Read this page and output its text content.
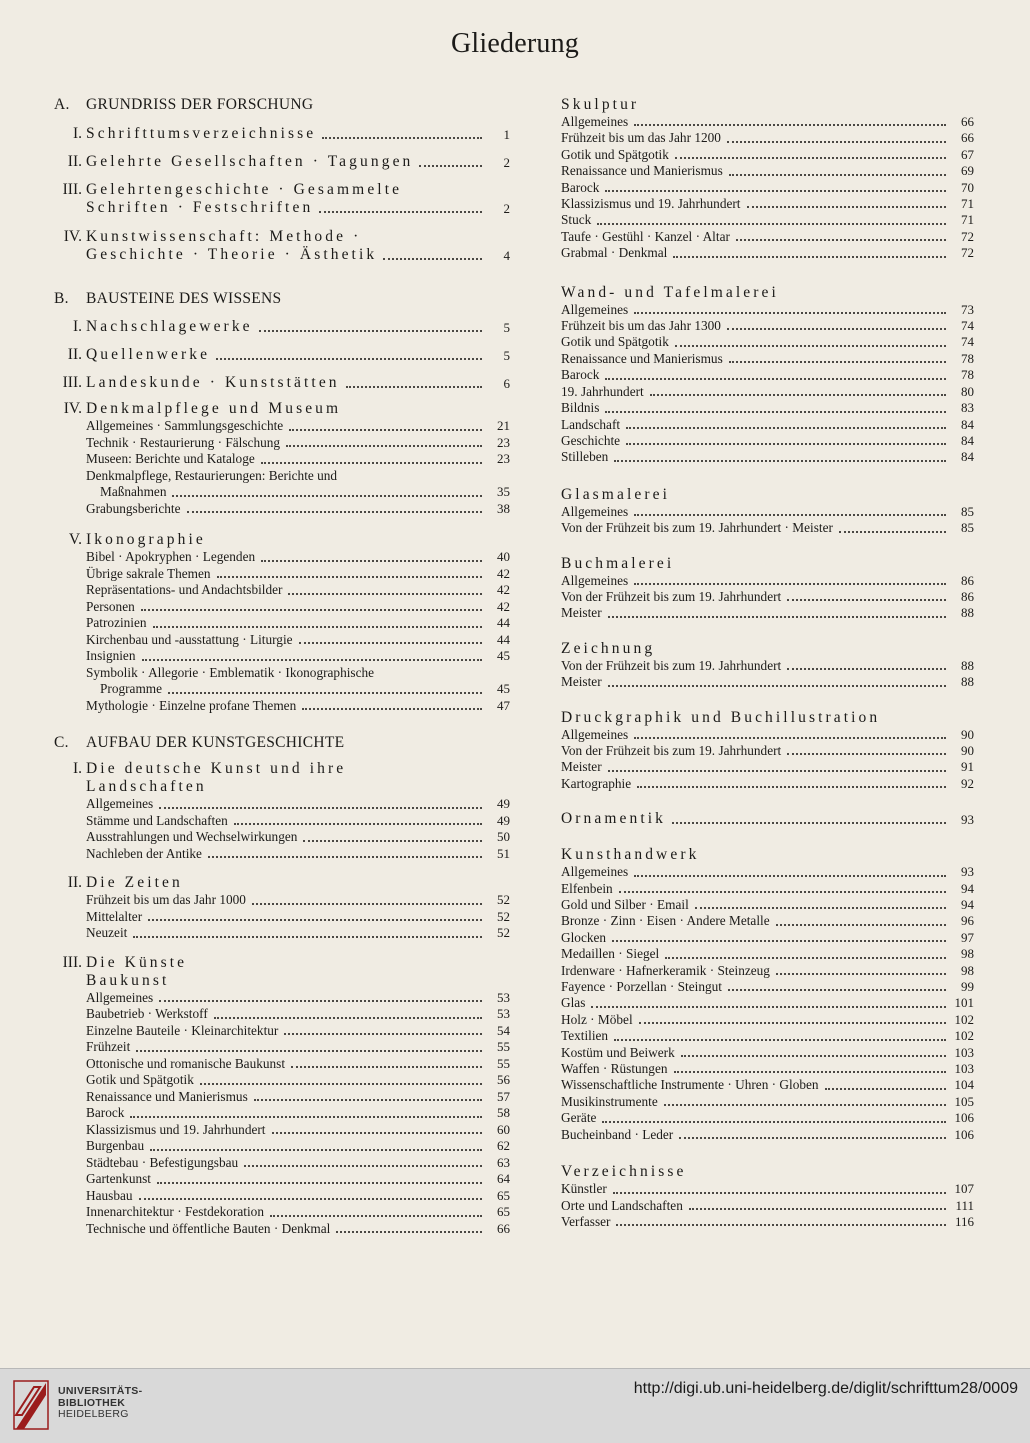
Gliederung
A.	GRUNDRISS DER FORSCHUNG
I. Schrifttumsverzeichnisse	1
II. Gelehrte Gesellschaften · Tagungen	2
III. Gelehrtengeschichte · Gesammelte
Schriften · Festschriften	2
IV. Kunstwissenschaft: Methode ·
Geschichte · Theorie · Ästhetik	4
B.	BAUSTEINE DES WISSENS
I. Nachschlagewerke	5
II. Quellenwerke	5
III. Landeskunde · Kunststätten	6
IV. Denkmalpflege und Museum
Allgemeines · Sammlungsgeschichte	21
Technik · Restaurierung · Fälschung	23
Museen: Berichte und Kataloge	23
Denkmalpflege, Restaurierungen: Berichte und
Maßnahmen	35
Grabungsberichte	38
V. Ikonographie
Bibel · Apokryphen · Legenden	40
Übrige sakrale Themen	42
Repräsentations- und Andachtsbilder	42
Personen	42
Patrozinien	44
Kirchenbau und -ausstattung · Liturgie	44
Insignien	45
Symbolik · Allegorie · Emblematik · Ikonographische
Programme	45
Mythologie · Einzelne profane Themen	47
C.	AUFBAU DER KUNSTGESCHICHTE
I. Die deutsche Kunst und ihre
Landschaften
Allgemeines	49
Stämme und Landschaften	49
Ausstrahlungen und Wechselwirkungen	50
Nachleben der Antike	51
II. Die Zeiten
Frühzeit bis um das Jahr 1000	52
Mittelalter	52
Neuzeit	52
III. Die Künste
Baukunst
Allgemeines	53
Baubetrieb · Werkstoff	53
Einzelne Bauteile · Kleinarchitektur	54
Frühzeit	55
Ottonische und romanische Baukunst	55
Gotik und Spätgotik	56
Renaissance und Manierismus	57
Barock	58
Klassizismus und 19. Jahrhundert	60
Burgenbau	62
Städtebau · Befestigungsbau	63
Gartenkunst	64
Hausbau	65
Innenarchitektur · Festdekoration	65
Technische und öffentliche Bauten · Denkmal	66
Skulptur
Allgemeines	66
Frühzeit bis um das Jahr 1200	66
Gotik und Spätgotik	67
Renaissance und Manierismus	69
Barock	70
Klassizismus und 19. Jahrhundert	71
Stuck	71
Taufe · Gestühl · Kanzel · Altar	72
Grabmal · Denkmal	72
Wand- und Tafelmalerei
Allgemeines	73
Frühzeit bis um das Jahr 1300	74
Gotik und Spätgotik	74
Renaissance und Manierismus	78
Barock	78
19. Jahrhundert	80
Bildnis	83
Landschaft	84
Geschichte	84
Stilleben	84
Glasmalerei
Allgemeines	85
Von der Frühzeit bis zum 19. Jahrhundert · Meister	85
Buchmalerei
Allgemeines	86
Von der Frühzeit bis zum 19. Jahrhundert	86
Meister	88
Zeichnung
Von der Frühzeit bis zum 19. Jahrhundert	88
Meister	88
Druckgraphik und Buchillustration
Allgemeines	90
Von der Frühzeit bis zum 19. Jahrhundert	90
Meister	91
Kartographie	92
Ornamentik	93
Kunsthandwerk
Allgemeines	93
Elfenbein	94
Gold und Silber · Email	94
Bronze · Zinn · Eisen · Andere Metalle	96
Glocken	97
Medaillen · Siegel	98
Irdenware · Hafnerkeramik · Steinzeug	98
Fayence · Porzellan · Steingut	99
Glas	101
Holz · Möbel	102
Textilien	102
Kostüm und Beiwerk	103
Waffen · Rüstungen	103
Wissenschaftliche Instrumente · Uhren · Globen	104
Musikinstrumente	105
Geräte	106
Bucheinband · Leder	106
Verzeichnisse
Künstler	107
Orte und Landschaften	111
Verfasser	116
UNIVERSITÄTS-
BIBLIOTHEK
HEIDELBERG
http://digi.ub.uni-heidelberg.de/diglit/schrifttum28/0009
